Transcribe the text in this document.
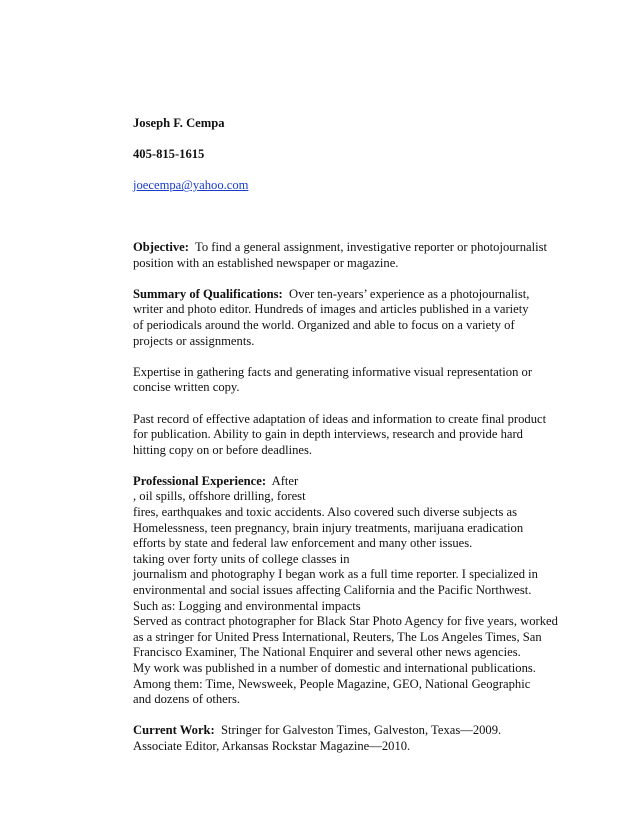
Joseph F. Cempa
405-815-1615
joecempa@yahoo.com
Objective: To find a general assignment, investigative reporter or photojournalist
position with an established newspaper or magazine.
Summary of Qualifications: Over ten-years’ experience as a photojournalist,
writer and photo editor. Hundreds of images and articles published in a variety
of periodicals around the world. Organized and able to focus on a variety of
projects or assignments.
Expertise in gathering facts and generating informative visual representation or
concise written copy.
Past record of effective adaptation of ideas and information to create final product
for publication. Ability to gain in depth interviews, research and provide hard
hitting copy on or before deadlines.
Professional Experience: After
, oil spills, offshore drilling, forest
fires, earthquakes and toxic accidents. Also covered such diverse subjects as
Homelessness, teen pregnancy, brain injury treatments, marijuana eradication
efforts by state and federal law enforcement and many other issues.
taking over forty units of college classes in
journalism and photography I began work as a full time reporter. I specialized in
environmental and social issues affecting California and the Pacific Northwest.
Such as: Logging and environmental impacts
Served as contract photographer for Black Star Photo Agency for five years, worked
as a stringer for United Press International, Reuters, The Los Angeles Times, San
Francisco Examiner, The National Enquirer and several other news agencies.
My work was published in a number of domestic and international publications.
Among them: Time, Newsweek, People Magazine, GEO, National Geographic
and dozens of others.
Current Work: Stringer for Galveston Times, Galveston, Texas—2009.
Associate Editor, Arkansas Rockstar Magazine—2010.
